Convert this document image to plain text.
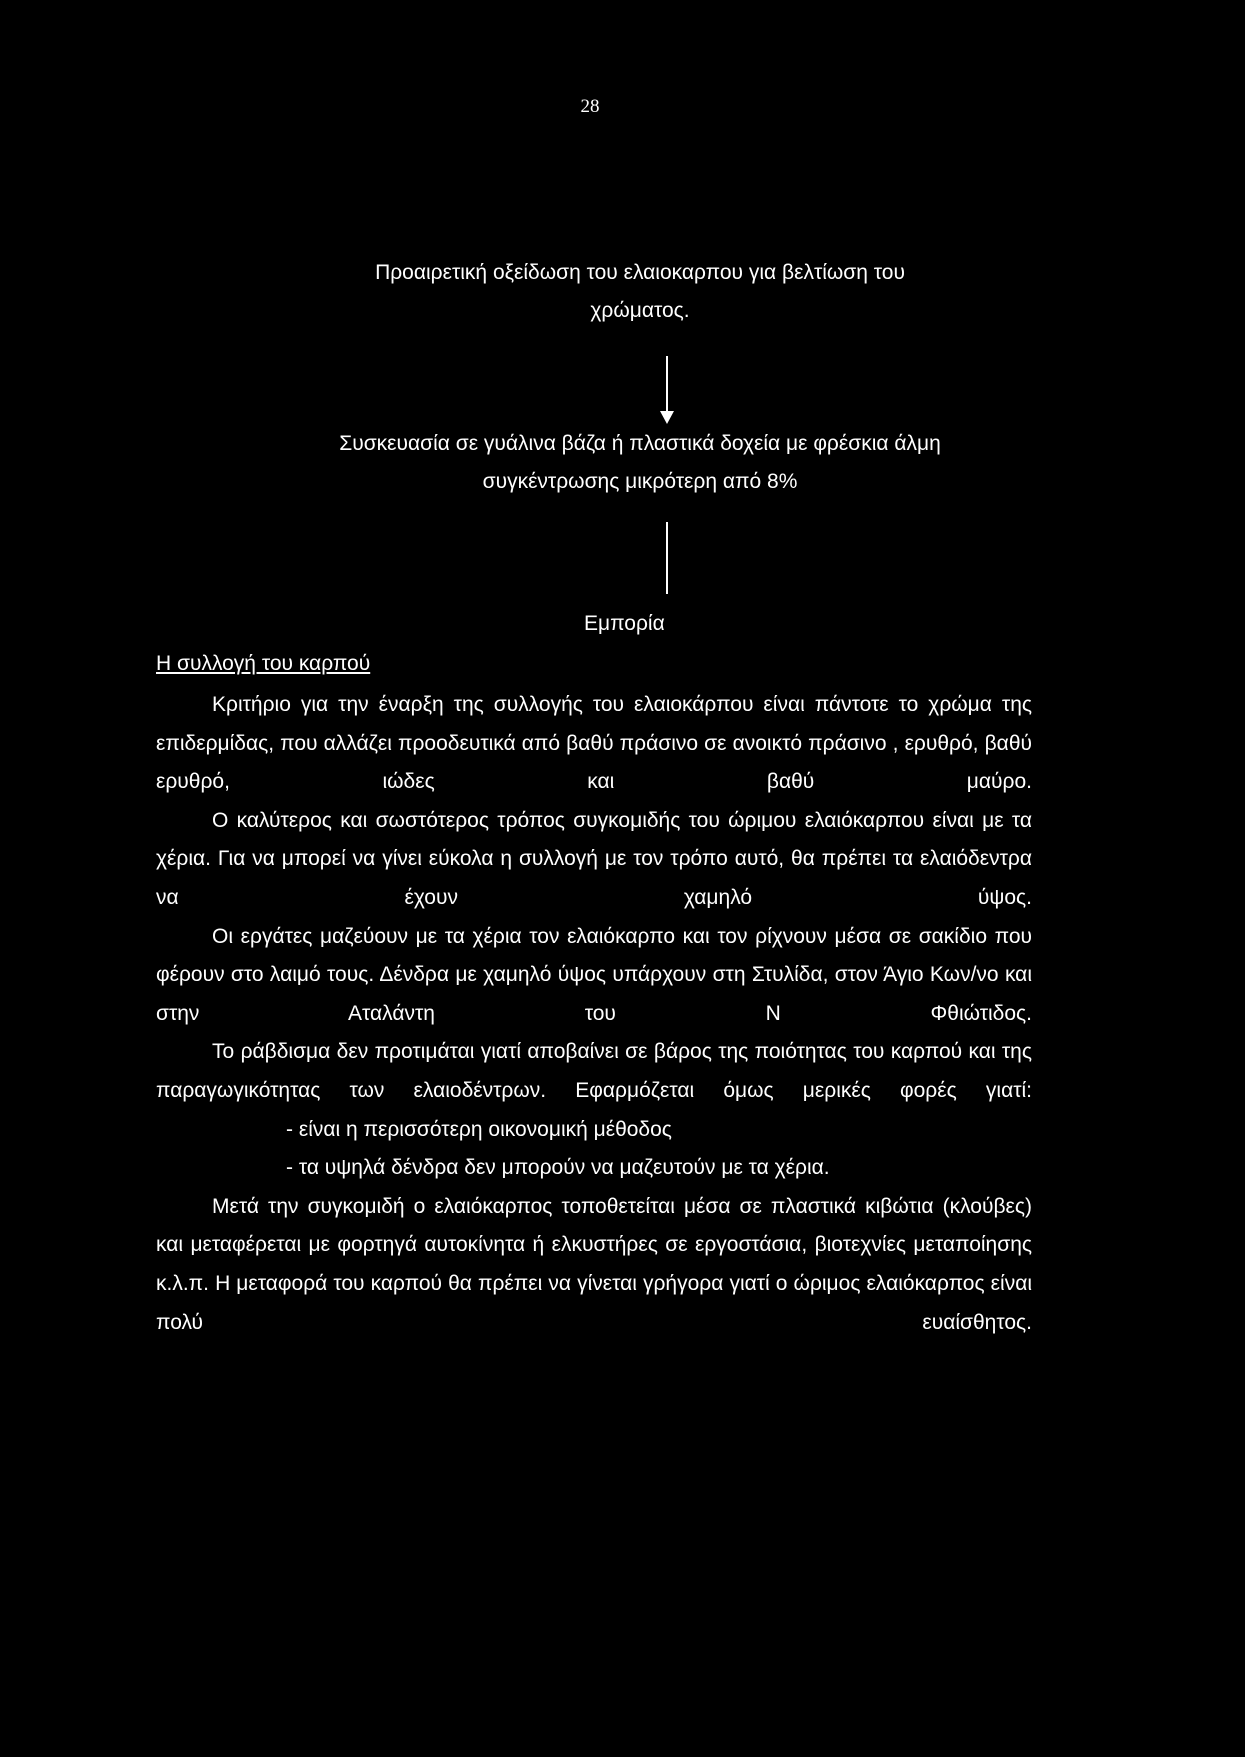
28
Προαιρετική οξείδωση του ελαιοκαρπου για βελτίωση του
χρώματος.
Συσκευασία σε γυάλινα βάζα ή πλαστικά δοχεία με φρέσκια άλμη
συγκέντρωσης μικρότερη από 8%
Εμπορία
Η συλλογή του καρπού

Κριτήριο για την έναρξη της συλλογής του ελαιοκάρπου είναι πάντοτε το χρώμα της επιδερμίδας, που αλλάζει προοδευτικά από βαθύ πράσινο σε ανοικτό πράσινο , ερυθρό, βαθύ ερυθρό, ιώδες και βαθύ μαύρο.

Ο καλύτερος και σωστότερος τρόπος συγκομιδής του ώριμου ελαιόκαρπου είναι με τα χέρια. Για να μπορεί να γίνει εύκολα η συλλογή με τον τρόπο αυτό, θα πρέπει τα ελαιόδεντρα να έχουν χαμηλό ύψος.

Οι εργάτες μαζεύουν με τα χέρια τον ελαιόκαρπο και τον ρίχνουν μέσα σε σακίδιο που φέρουν στο λαιμό τους. Δένδρα με χαμηλό ύψος υπάρχουν στη Στυλίδα, στον Άγιο Κων/νο και στην Αταλάντη του Ν Φθιώτιδος.

Το ράβδισμα δεν προτιμάται γιατί αποβαίνει σε βάρος της ποιότητας του καρπού και της παραγωγικότητας των ελαιοδέντρων. Εφαρμόζεται όμως μερικές φορές γιατί:

- είναι η περισσότερη οικονομική μέθοδος
- τα υψηλά δένδρα δεν μπορούν να μαζευτούν με τα χέρια.

Μετά την συγκομιδή ο ελαιόκαρπος τοποθετείται μέσα σε πλαστικά κιβώτια (κλούβες) και μεταφέρεται με φορτηγά αυτοκίνητα ή ελκυστήρες σε εργοστάσια, βιοτεχνίες μεταποίησης κ.λ.π. Η μεταφορά του καρπού θα πρέπει να γίνεται γρήγορα γιατί ο ώριμος ελαιόκαρπος είναι πολύ ευαίσθητος.
